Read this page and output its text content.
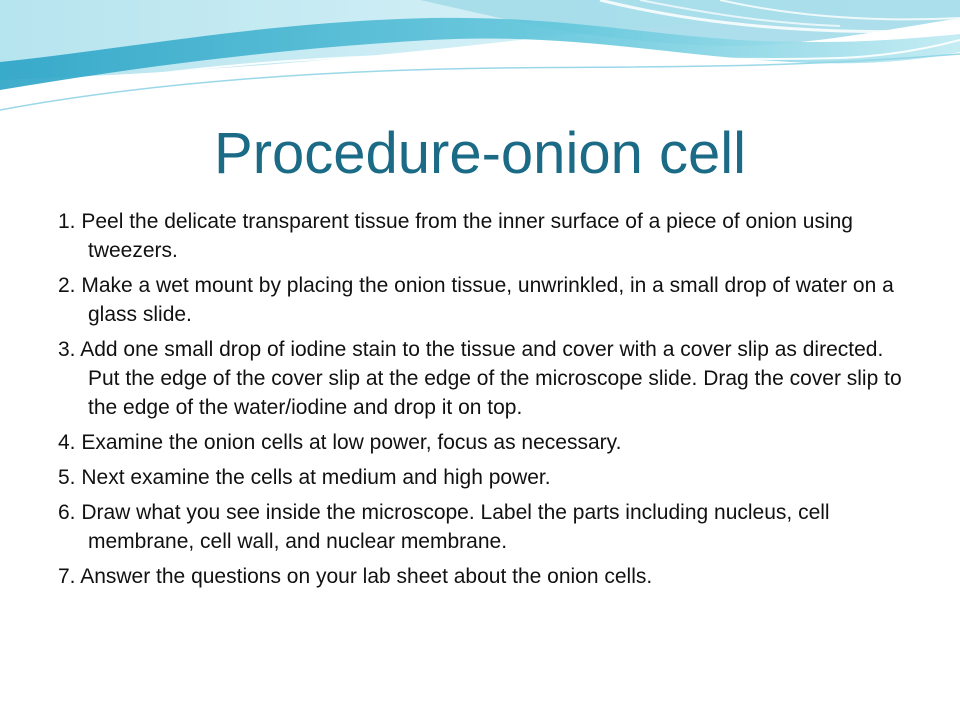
Procedure-onion cell
1. Peel the delicate transparent tissue from the inner surface of a piece of onion using tweezers.
2. Make a wet mount by placing the onion tissue, unwrinkled, in a small drop of water on a glass slide.
3. Add one small drop of iodine stain to the tissue and cover with a cover slip as directed. Put the edge of the cover slip at the edge of the microscope slide. Drag the cover slip to the edge of the water/iodine and drop it on top.
4. Examine the onion cells at low power, focus as necessary.
5. Next examine the cells at medium and high power.
6. Draw what you see inside the microscope. Label the parts including nucleus, cell membrane, cell wall, and nuclear membrane.
7. Answer the questions on your lab sheet about the onion cells.
